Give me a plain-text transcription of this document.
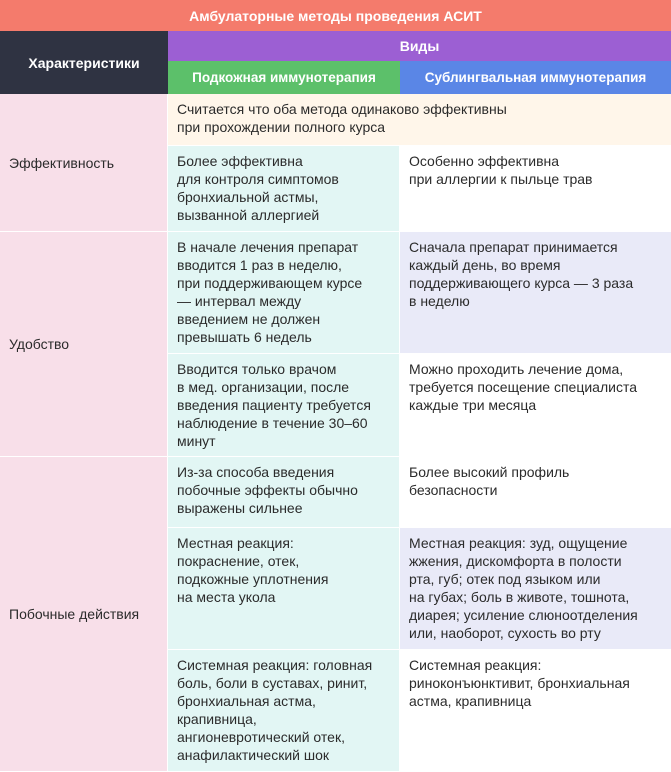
Амбулаторные методы проведения АСИТ
Характеристики
Виды
Подкожная иммунотерапия	Сублингвальная иммунотерапия
Эффективность
Считается что оба метода одинаково эффективны
при прохождении полного курса
Более эффективна
для контроля симптомов
бронхиальной астмы,
вызванной аллергией
Особенно эффективна
при аллергии к пыльце трав
Удобство
В начале лечения препарат
вводится 1 раз в неделю,
при поддерживающем курсе
— интервал между
введением не должен
превышать 6 недель
Сначала препарат принимается
каждый день, во время
поддерживающего курса — 3 раза
в неделю
Вводится только врачом
в мед. организации, после
введения пациенту требуется
наблюдение в течение 30–60
минут
Можно проходить лечение дома,
требуется посещение специалиста
каждые три месяца
Побочные действия
Из-за способа введения
побочные эффекты обычно
выражены сильнее
Более высокий профиль
безопасности
Местная реакция:
покраснение, отек,
подкожные уплотнения
на места укола
Местная реакция: зуд, ощущение
жжения, дискомфорта в полости
рта, губ; отек под языком или
на губах; боль в животе, тошнота,
диарея; усиление слюноотделения
или, наоборот, сухость во рту
Системная реакция: головная
боль, боли в суставах, ринит,
бронхиальная астма,
крапивница,
ангионевротический отек,
анафилактический шок
Системная реакция:
риноконъюнктивит, бронхиальная
астма, крапивница
